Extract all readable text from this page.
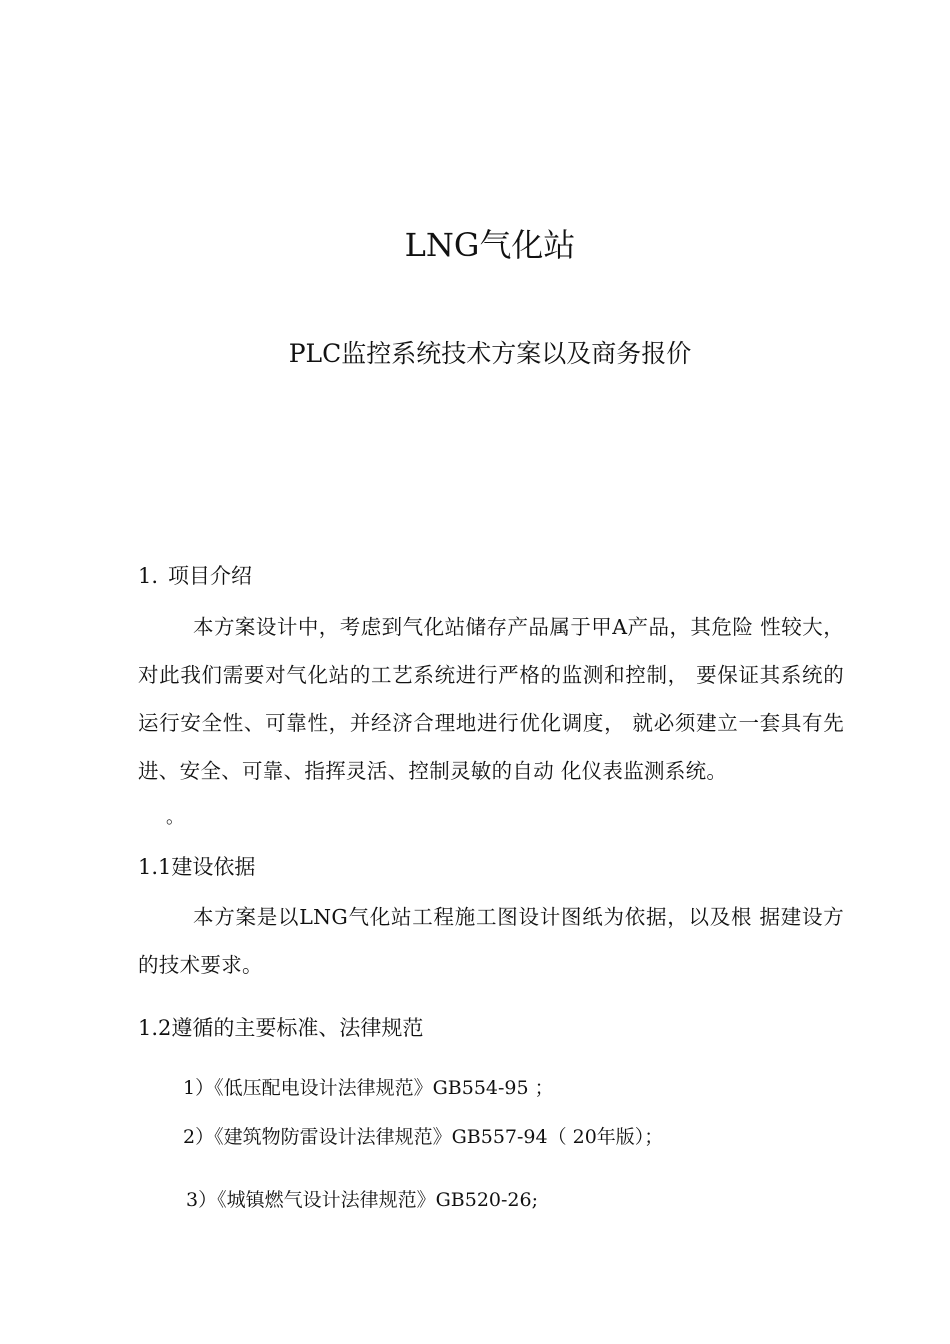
LNG气化站
PLC监控系统技术方案以及商务报价
1. 项目介绍
本方案设计中，考虑到气化站储存产品属于甲A产品，其危险 性较大，对此我们需要对气化站的工艺系统进行严格的监测和控制， 要保证其系统的运行安全性、可靠性，并经济合理地进行优化调度， 就必须建立一套具有先进、安全、可靠、指挥灵活、控制灵敏的自动 化仪表监测系统。
。
1.1建设依据
本方案是以LNG气化站工程施工图设计图纸为依据，以及根 据建设方的技术要求。
1.2遵循的主要标准、法律规范
1）《低压配电设计法律规范》GB554-95 ；
2）《建筑物防雷设计法律规范》GB557-94（ 20年版）；
3）《城镇燃气设计法律规范》GB520-26;
